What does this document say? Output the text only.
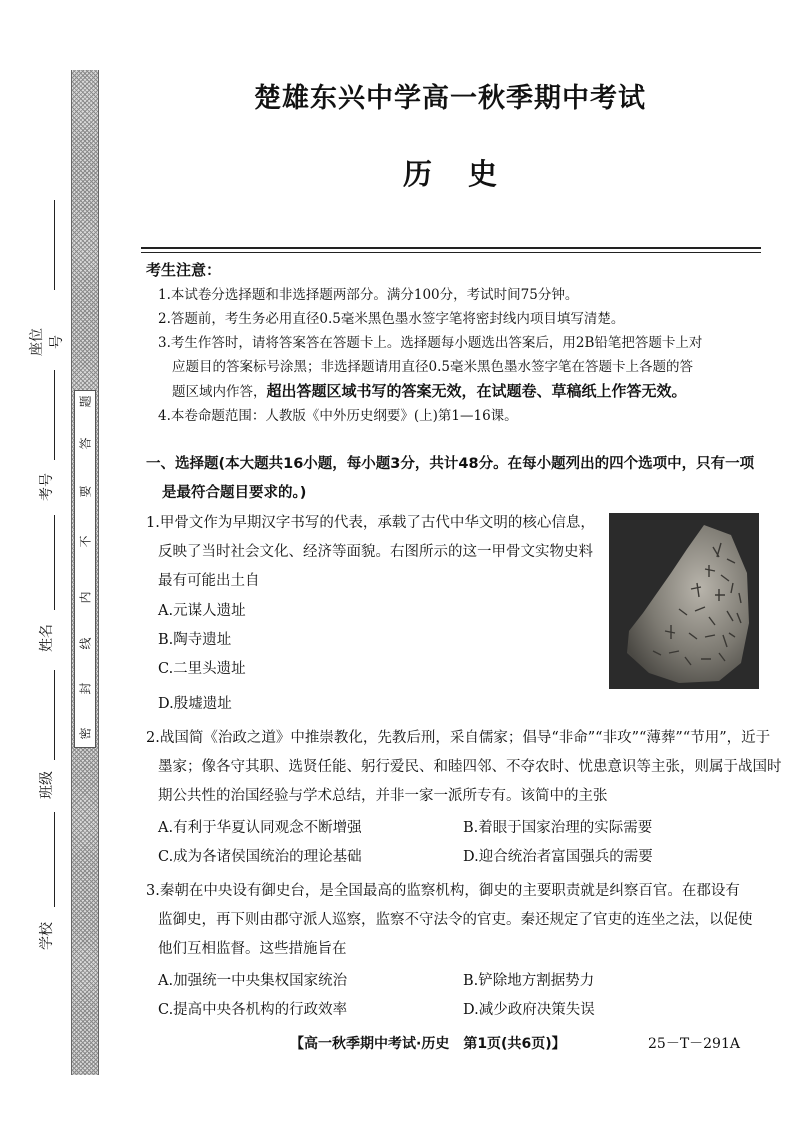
密
封
线
内
不
要
答
题
座位号
考号
姓名
班级
学校
楚雄东兴中学高一秋季期中考试
历史
考生注意：
1.本试卷分选择题和非选择题两部分。满分100分，考试时间75分钟。
2.答题前，考生务必用直径0.5毫米黑色墨水签字笔将密封线内项目填写清楚。
3.考生作答时，请将答案答在答题卡上。选择题每小题选出答案后，用2B铅笔把答题卡上对
应题目的答案标号涂黑；非选择题请用直径0.5毫米黑色墨水签字笔在答题卡上各题的答
题区域内作答，超出答题区域书写的答案无效，在试题卷、草稿纸上作答无效。
4.本卷命题范围：人教版《中外历史纲要》(上)第1—16课。
一、选择题(本大题共16小题，每小题3分，共计48分。在每小题列出的四个选项中，只有一项
是最符合题目要求的。)
1.甲骨文作为早期汉字书写的代表，承载了古代中华文明的核心信息，
反映了当时社会文化、经济等面貌。右图所示的这一甲骨文实物史料
最有可能出土自
A.元谋人遗址
B.陶寺遗址
C.二里头遗址
D.殷墟遗址
2.战国简《治政之道》中推崇教化，先教后刑，采自儒家；倡导“非命”“非攻”“薄葬”“节用”，近于
墨家；像各守其职、选贤任能、躬行爱民、和睦四邻、不夺农时、忧患意识等主张，则属于战国时
期公共性的治国经验与学术总结，并非一家一派所专有。该简中的主张
A.有利于华夏认同观念不断增强	B.着眼于国家治理的实际需要
C.成为各诸侯国统治的理论基础	D.迎合统治者富国强兵的需要
3.秦朝在中央设有御史台，是全国最高的监察机构，御史的主要职责就是纠察百官。在郡设有
监御史，再下则由郡守派人巡察，监察不守法令的官吏。秦还规定了官吏的连坐之法，以促使
他们互相监督。这些措施旨在
A.加强统一中央集权国家统治	B.铲除地方割据势力
C.提高中央各机构的行政效率	D.减少政府决策失误
【高一秋季期中考试·历史　第1页(共6页)】	25－T－291A
